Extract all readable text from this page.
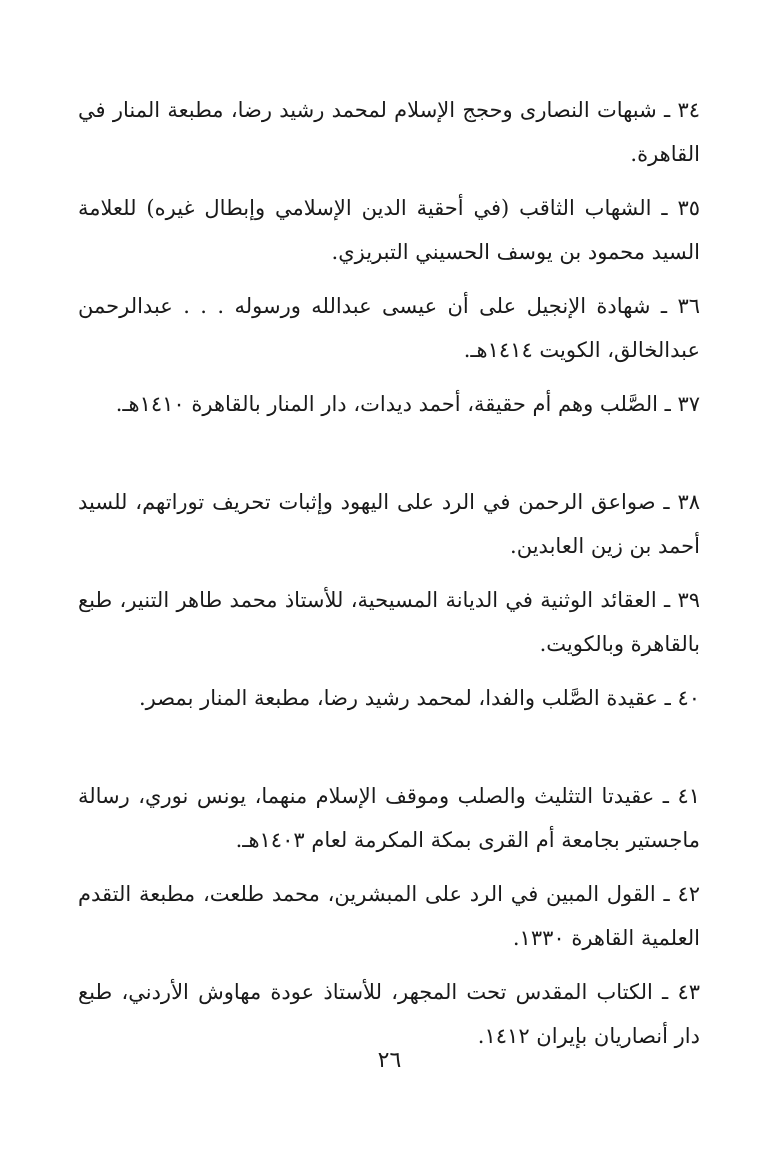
٣٤ ـ شبهات النصارى وحجج الإسلام لمحمد رشيد رضا، مطبعة المنار في القاهرة.

٣٥ ـ الشهاب الثاقب (في أحقية الدين الإسلامي وإبطال غيره) للعلامة السيد محمود بن يوسف الحسيني التبريزي.

٣٦ ـ شهادة الإنجيل على أن عيسى عبدالله ورسوله . . . عبدالرحمن عبدالخالق، الكويت ١٤١٤هـ.

٣٧ ـ الصَّلب وهم أم حقيقة، أحمد ديدات، دار المنار بالقاهرة ١٤١٠هـ.

٣٨ ـ صواعق الرحمن في الرد على اليهود وإثبات تحريف توراتهم، للسيد أحمد بن زين العابدين.

٣٩ ـ العقائد الوثنية في الديانة المسيحية، للأستاذ محمد طاهر التنير، طبع بالقاهرة وبالكويت.

٤٠ ـ عقيدة الصَّلب والفدا، لمحمد رشيد رضا، مطبعة المنار بمصر.

٤١ ـ عقيدتا التثليث والصلب وموقف الإسلام منهما، يونس نوري، رسالة ماجستير بجامعة أم القرى بمكة المكرمة لعام ١٤٠٣هـ.

٤٢ ـ القول المبين في الرد على المبشرين، محمد طلعت، مطبعة التقدم العلمية القاهرة ١٣٣٠.

٤٣ ـ الكتاب المقدس تحت المجهر، للأستاذ عودة مهاوش الأردني، طبع دار أنصاريان بإيران ١٤١٢.

٢٦
